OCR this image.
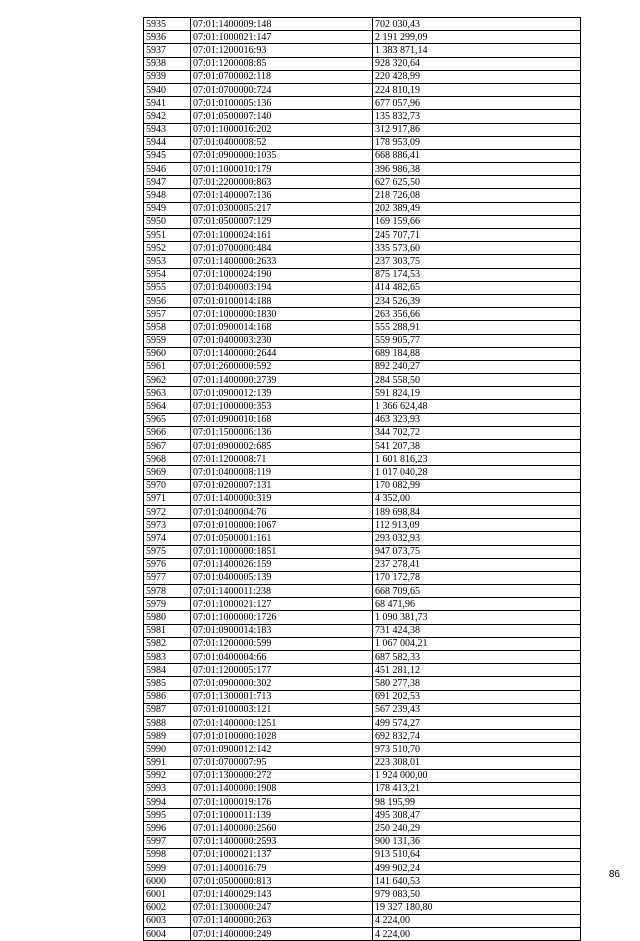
5935	07:01:1400009:148	702 030,43
5936	07:01:1000021:147	2 191 299,09
5937	07:01:1200016:93	1 383 871,14
5938	07:01:1200008:85	928 320,64
5939	07:01:0700002:118	220 428,99
5940	07:01:0700000:724	224 810,19
5941	07:01:0100005:136	677 057,96
5942	07:01:0500007:140	135 832,73
5943	07:01:1000016:202	312 917,86
5944	07:01:0400008:52	178 953,09
5945	07:01:0900000:1035	668 886,41
5946	07:01:1000010:179	396 986,38
5947	07:01:2200000:863	627 625,50
5948	07:01:1400007:136	218 726,08
5949	07:01:0300005:217	202 389,49
5950	07:01:0500007:129	169 159,66
5951	07:01:1000024:161	245 707,71
5952	07:01:0700000:484	335 573,60
5953	07:01:1400000:2633	237 303,75
5954	07:01:1000024:190	875 174,53
5955	07:01:0400003:194	414 482,65
5956	07:01:0100014:188	234 526,39
5957	07:01:1000000:1830	263 356,66
5958	07:01:0900014:168	555 288,91
5959	07:01:0400003:230	559 905,77
5960	07:01:1400000:2644	689 184,88
5961	07:01:2600000:592	892 240,27
5962	07:01:1400000:2739	284 558,50
5963	07:01:0900012:139	591 824,19
5964	07:01:1000000:353	1 366 624,48
5965	07:01:0900010:168	463 323,93
5966	07:01:1500006:136	344 702,72
5967	07:01:0900002:685	541 207,38
5968	07:01:1200008:71	1 601 816,23
5969	07:01:0400008:119	1 017 040,28
5970	07:01:0200007:131	170 082,99
5971	07:01:1400000:319	4 352,00
5972	07:01:0400004:76	189 698,84
5973	07:01:0100000:1067	112 913,09
5974	07:01:0500001:161	293 032,93
5975	07:01:1000000:1851	947 073,75
5976	07:01:1400026:159	237 278,41
5977	07:01:0400005:139	170 172,78
5978	07:01:1400011:238	668 709,65
5979	07:01:1000021:127	68 471,96
5980	07:01:1000000:1726	1 090 381,73
5981	07:01:0900014:183	731 424,38
5982	07:01:1200000:599	1 067 004,21
5983	07:01:0400004:66	687 582,33
5984	07:01:1200005:177	451 281,12
5985	07:01:0900000:302	580 277,38
5986	07:01:1300001:713	691 202,53
5987	07:01:0100003:121	567 239,43
5988	07:01:1400000:1251	499 574,27
5989	07:01:0100000:1028	692 832,74
5990	07:01:0900012:142	973 510,70
5991	07:01:0700007:95	223 308,01
5992	07:01:1300000:272	1 924 000,00
5993	07:01:1400000:1908	178 413,21
5994	07:01:1000019:176	98 195,99
5995	07:01:1000011:139	495 308,47
5996	07:01:1400000:2560	250 240,29
5997	07:01:1400000:2593	900 131,36
5998	07:01:1000021:137	913 510,64
5999	07:01:1400016:79	499 902,24
6000	07:01:0500000:813	141 640,53
6001	07:01:1400029:143	979 083,50
6002	07:01:1300000:247	19 327 180,80
6003	07:01:1400000:263	4 224,00
6004	07:01:1400000:249	4 224,00
86
